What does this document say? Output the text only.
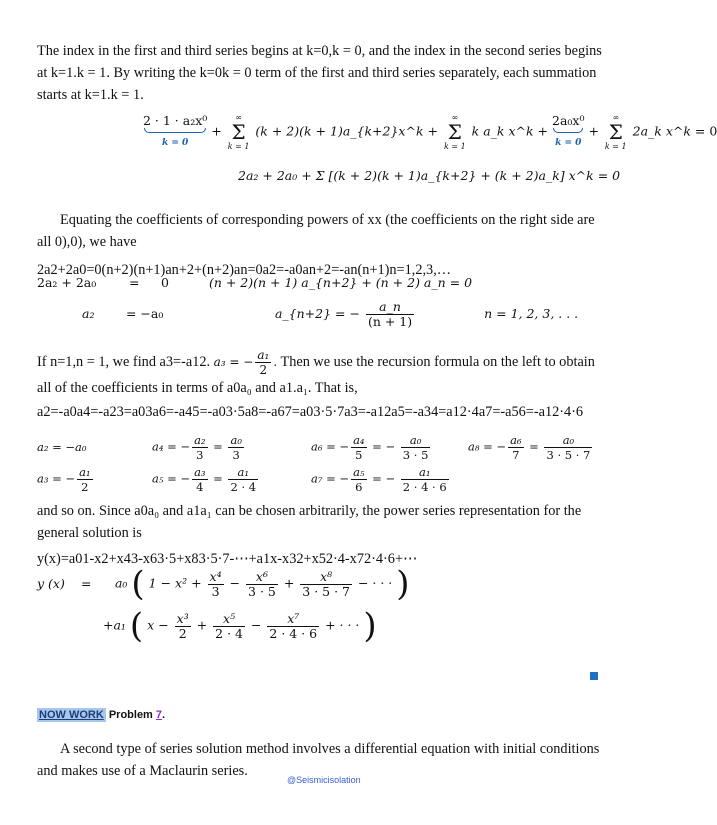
The index in the first and third series begins at k=0,k = 0, and the index in the second series begins at k=1.k = 1. By writing the k=0k = 0 term of the first and third series separately, each summation starts at k=1.k = 1.

2 · 1 · a₂x⁰
k = 0 +
∞
Σ
k = 1
(k + 2)(k + 1)a_{k+2}x^k +
∞
Σ
k = 1
k a_k x^k + 2a₀x⁰
k = 0 +
∞
Σ
k = 1
2a_k x^k = 0
2a₂ + 2a₀ + Σ [(k + 2)(k + 1)a_{k+2} + (k + 2)a_k] x^k = 0

Equating the coefficients of corresponding powers of xx (the coefficients on the right side are all 0),0), we have

2a2+2a0=0(n+2)(n+1)an+2+(n+2)an=0a2=-a0an+2=-an(n+1)n=1,2,3,…
2a₂ + 2a₀	= 0	(n + 2)(n + 1) a_{n+2} + (n + 2) a_n = 0
a₂	= −a₀	a_{n+2} = − $\frac{a\_n}{(n + 1)}$	n = 1, 2, 3, . . .
If n=1,n = 1, we find a3=-a12. a₃ = − $\frac{\text{a₁}}{2}$ . Then we use the recursion formula on the left to obtain all of the coefficients in terms of a0a₀ and a1.a₁. That is,
a2=-a0a4=-a23=a03a6=-a45=-a03·5a8=-a67=a03·5·7a3=-a12a5=-a34=a12·4a7=-a56=-a12·4·6
a₂ = −a₀	a₄ = − $\frac{\text{a₂}}{3} = \frac{\text{a₀}}{3}$	a₆ = − $\frac{\text{a₄}}{5}$ = − $\frac{\text{a₀}}{3 \cdot 5}$	a₈ = − $\frac{\text{a₆}}{7} = \frac{\text{a₀}}{3 \cdot 5 \cdot 7}$
a₃ = − $\frac{\text{a₁}}{2}$	a₅ = − $\frac{\text{a₃}}{4} = \frac{\text{a₁}}{2 \cdot 4}$	a₇ = − $\frac{\text{a₅}}{6}$ = − $\frac{\text{a₁}}{2 \cdot 4 \cdot 6}$

and so on. Since a0a₀ and a1a₁ can be chosen arbitrarily, the power series representation for the general solution is

y(x)=a01-x2+x43-x63·5+x83·5·7-⋯+a1x-x32+x52·4-x72·4·6+⋯
y (x) = a₀ ( $1 - x^2 + \frac{\text{x⁴}}{3} - \frac{\text{x⁶}}{3 \cdot 5} + \frac{\text{x⁸}}{3 \cdot 5 \cdot 7}$ − · · · )
+a₁ ( $x - \frac{\text{x³}}{2} + \frac{\text{x⁵}}{2 \cdot 4} - \frac{\text{x⁷}}{2 \cdot 4 \cdot 6}$ + · · · )
NOW WORK Problem 7.

A second type of series solution method involves a differential equation with initial conditions and makes use of a Maclaurin series.

@Seismicisolation
